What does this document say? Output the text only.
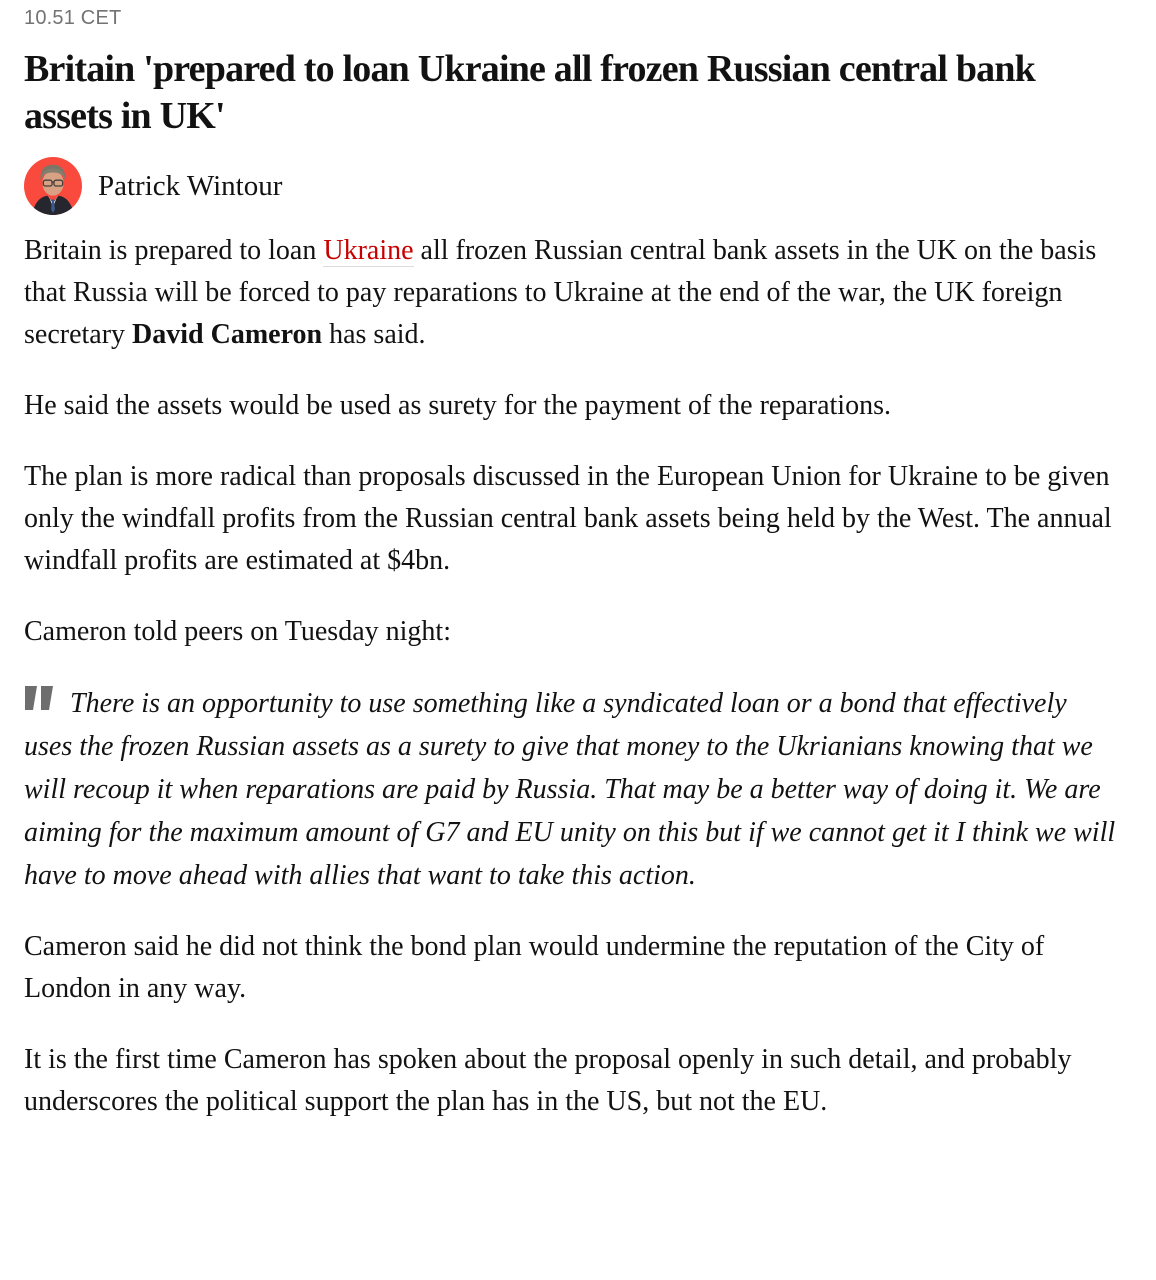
10.51 CET
Britain 'prepared to loan Ukraine all frozen Russian central bank assets in UK'
Patrick Wintour

Britain is prepared to loan Ukraine all frozen Russian central bank assets in the UK on the basis that Russia will be forced to pay reparations to Ukraine at the end of the war, the UK foreign secretary David Cameron has said.

He said the assets would be used as surety for the payment of the reparations.

The plan is more radical than proposals discussed in the European Union for Ukraine to be given only the windfall profits from the Russian central bank assets being held by the West. The annual windfall profits are estimated at $4bn.

Cameron told peers on Tuesday night:

There is an opportunity to use something like a syndicated loan or a bond that effectively uses the frozen Russian assets as a surety to give that money to the Ukrianians knowing that we will recoup it when reparations are paid by Russia. That may be a better way of doing it. We are aiming for the maximum amount of G7 and EU unity on this but if we cannot get it I think we will have to move ahead with allies that want to take this action.

Cameron said he did not think the bond plan would undermine the reputation of the City of London in any way.

It is the first time Cameron has spoken about the proposal openly in such detail, and probably underscores the political support the plan has in the US, but not the EU.
